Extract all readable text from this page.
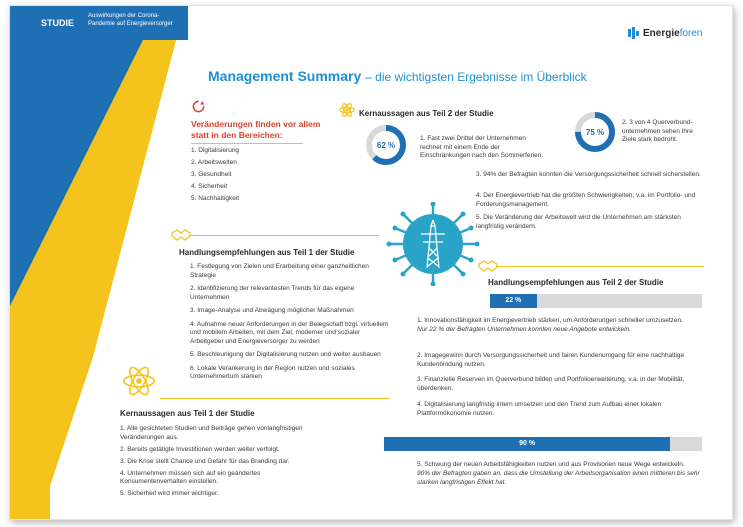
STUDIE
Auswirkungen der Corona-Pandemie auf Energieversorger
Energieforen
Management Summary – die wichtigsten Ergebnisse im Überblick
Veränderungen finden vor allem statt in den Bereichen:
1. Digitalisierung
2. Arbeitswelten
3. Gesundheit
4. Sicherheit
5. Nachhaltigkeit
Kernaussagen aus Teil 2 der Studie
62 %
1. Fast zwei Drittel der Unternehmen rechnet mit einem Ende der Einschränkungen nach den Sommerferien.
75 %
2. 3 von 4 Querverbund-unternehmen sehen Ihre Ziele stark bedroht.
3. 94% der Befragten konnten die Versorgungssicherheit schnell sicherstellen.
4. Der Energievertrieb hat die größten Schwierigkeiten, v.a. im Portfolio- und Forderungsmanagement.
5. Die Veränderung der Arbeitswelt wird die Unternehmen am stärksten langfristig verändern.
Handlungsempfehlungen aus Teil 1 der Studie
1. Festlegung von Zielen und Erarbeitung einer ganzheitlichen Strategie
2. Identifizierung der relevantesten Trends für das eigene Unternehmen
3. Image-Analyse und Abwägung möglicher Maßnahmen
4. Aufnahme neuer Anforderungen in der Belegschaft bzgl. virtuellem und mobilem Arbeiten, mit dem Ziel, moderner und sozialer Arbeitgeber und Energieversorger zu werden
5. Beschleunigung der Digitalisierung nutzen und weiter ausbauen
6. Lokale Verankerung in der Region nutzen und soziales Unternehmertum stärken
Handlungsempfehlungen aus Teil 2 der Studie
22 %
1. Innovationsfähigkeit im Energievertrieb stärken, um Anforderungen schneller umzusetzen.
Nur 22 % der Befragten Unternehmen konnten neue Angebote entwickeln.
2. Imagegewinn durch Versorgungssicherheit und fairen Kundenumgang für eine nachhaltige Kundenbindung nutzen.
3. Finanzielle Reserven im Querverbund bilden und Portfolioerweiterung, v.a. in der Mobilität, überdenken.
4. Digitalisierung langfristig intern umsetzen und den Trend zum Aufbau einer lokalen Plattformökonomie nutzen.
90 %
5. Schwung der neuen Arbeitsfähigkeiten nutzen und aus Provisorien neue Wege entwickeln.
90% der Befragten gaben an, dass die Umstellung der Arbeitsorganisation einen mittleren bis sehr starken langfristigen Effekt hat.
Kernaussagen aus Teil 1 der Studie
1. Alle gesichteten Studien und Beiträge gehen vonlangfristigen Veränderungen aus.
2. Bereits getätigte Investitionen werden weiter verfolgt.
3. Die Krise stellt Chance und Gefahr für das Branding dar.
4. Unternehmen müssen sich auf ein geändertes Konsumentenverhalten einstellen.
5. Sicherheit wird immer wichtiger.
